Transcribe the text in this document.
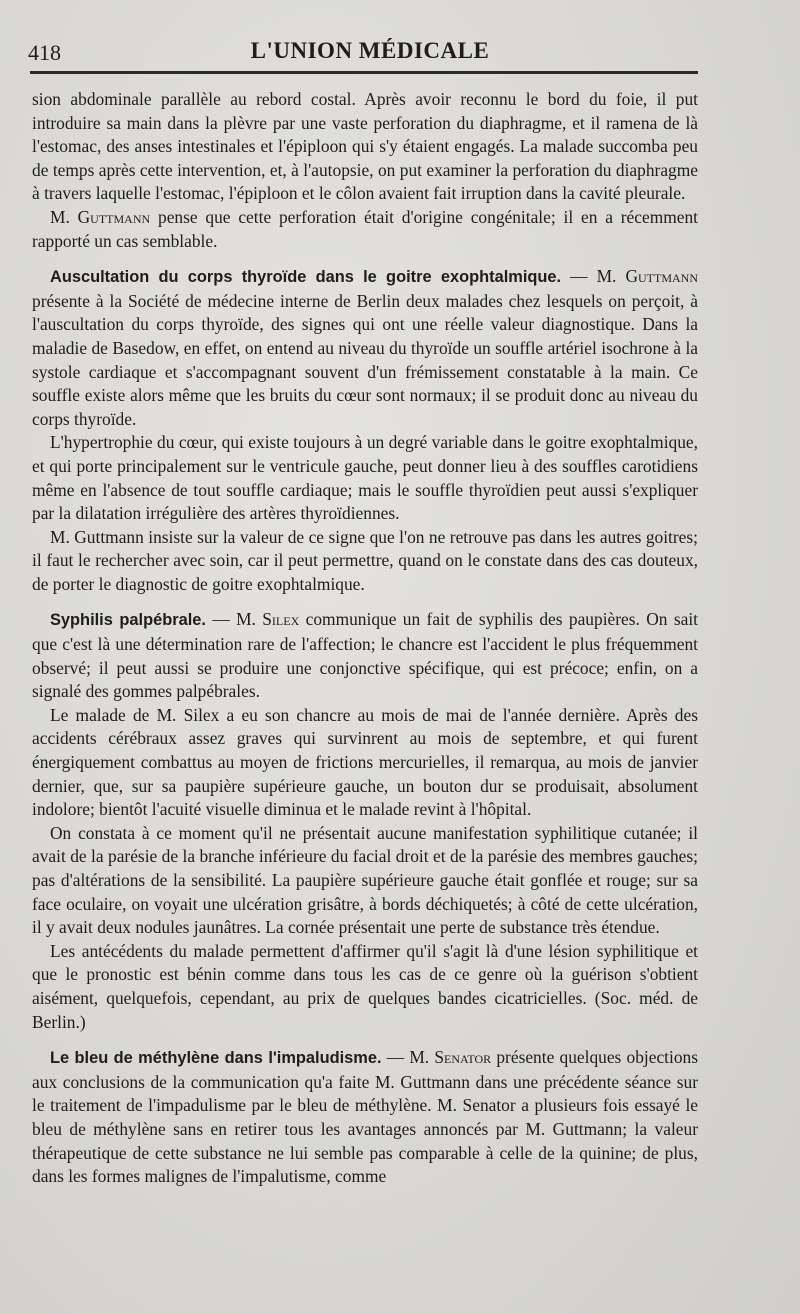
418	L'UNION MÉDICALE

sion abdominale parallèle au rebord costal. Après avoir reconnu le bord du foie, il put introduire sa main dans la plèvre par une vaste perforation du diaphragme, et il ramena de là l'estomac, des anses intestinales et l'épiploon qui s'y étaient engagés. La malade succomba peu de temps après cette intervention, et, à l'autopsie, on put examiner la perforation du diaphragme à travers laquelle l'estomac, l'épiploon et le côlon avaient fait irruption dans la cavité pleurale.

M. Guttmann pense que cette perforation était d'origine congénitale; il en a récemment rapporté un cas semblable.

Auscultation du corps thyroïde dans le goitre exophtalmique. — M. Guttmann présente à la Société de médecine interne de Berlin deux malades chez lesquels on perçoit, à l'auscultation du corps thyroïde, des signes qui ont une réelle valeur diagnostique. Dans la maladie de Basedow, en effet, on entend au niveau du thyroïde un souffle artériel isochrone à la systole cardiaque et s'accompagnant souvent d'un frémissement constatable à la main. Ce souffle existe alors même que les bruits du cœur sont normaux; il se produit donc au niveau du corps thyroïde.

L'hypertrophie du cœur, qui existe toujours à un degré variable dans le goitre exophtalmique, et qui porte principalement sur le ventricule gauche, peut donner lieu à des souffles carotidiens même en l'absence de tout souffle cardiaque; mais le souffle thyroïdien peut aussi s'expliquer par la dilatation irrégulière des artères thyroïdiennes.

M. Guttmann insiste sur la valeur de ce signe que l'on ne retrouve pas dans les autres goitres; il faut le rechercher avec soin, car il peut permettre, quand on le constate dans des cas douteux, de porter le diagnostic de goitre exophtalmique.

Syphilis palpébrale. — M. Silex communique un fait de syphilis des paupières. On sait que c'est là une détermination rare de l'affection; le chancre est l'accident le plus fréquemment observé; il peut aussi se produire une conjonctive spécifique, qui est précoce; enfin, on a signalé des gommes palpébrales.

Le malade de M. Silex a eu son chancre au mois de mai de l'année dernière. Après des accidents cérébraux assez graves qui survinrent au mois de septembre, et qui furent énergiquement combattus au moyen de frictions mercurielles, il remarqua, au mois de janvier dernier, que, sur sa paupière supérieure gauche, un bouton dur se produisait, absolument indolore; bientôt l'acuité visuelle diminua et le malade revint à l'hôpital.

On constata à ce moment qu'il ne présentait aucune manifestation syphilitique cutanée; il avait de la parésie de la branche inférieure du facial droit et de la parésie des membres gauches; pas d'altérations de la sensibilité. La paupière supérieure gauche était gonflée et rouge; sur sa face oculaire, on voyait une ulcération grisâtre, à bords déchiquetés; à côté de cette ulcération, il y avait deux nodules jaunâtres. La cornée présentait une perte de substance très étendue.

Les antécédents du malade permettent d'affirmer qu'il s'agit là d'une lésion syphilitique et que le pronostic est bénin comme dans tous les cas de ce genre où la guérison s'obtient aisément, quelquefois, cependant, au prix de quelques bandes cicatricielles. (Soc. méd. de Berlin.)

Le bleu de méthylène dans l'impaludisme. — M. Senator présente quelques objections aux conclusions de la communication qu'a faite M. Guttmann dans une précédente séance sur le traitement de l'impadulisme par le bleu de méthylène. M. Senator a plusieurs fois essayé le bleu de méthylène sans en retirer tous les avantages annoncés par M. Guttmann; la valeur thérapeutique de cette substance ne lui semble pas comparable à celle de la quinine; de plus, dans les formes malignes de l'impalutisme, comme
